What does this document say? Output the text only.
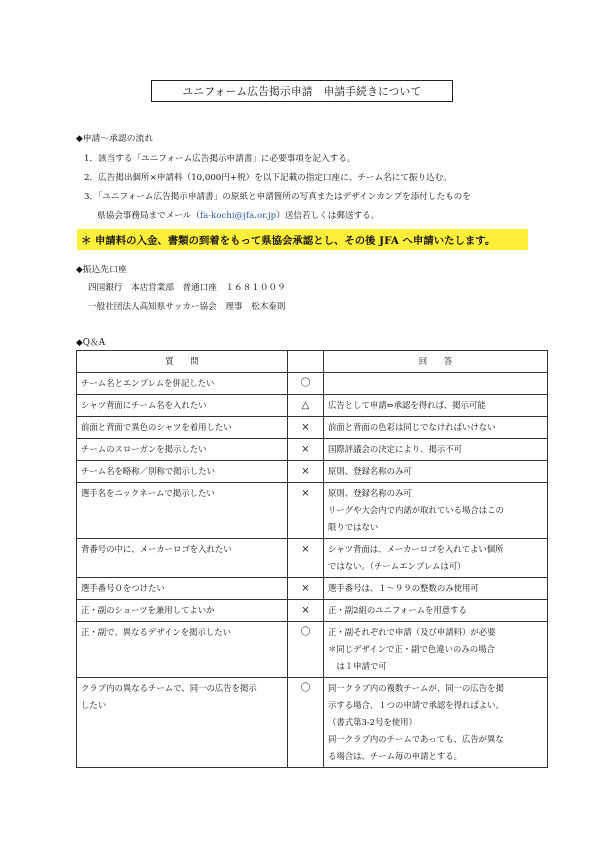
ユニフォーム広告掲示申請　申請手続きについて
◆申請～承認の流れ
1．該当する「ユニフォーム広告掲示申請書」に必要事項を記入する。
2．広告掲出個所×申請料（10,000円+税）を以下記載の指定口座に、チーム名にて振り込む。
3．「ユニフォーム広告掲示申請書」の原紙と申請箇所の写真またはデザインカンプを添付したものを
県協会事務局までメール（fa-kochi@jfa.or.jp）送信若しくは郵送する。
＊ 申請料の入金、書類の到着をもって県協会承認とし、その後 JFA へ申請いたします。
◆振込先口座
四国銀行　本店営業部　普通口座　１６８１００９
一般社団法人高知県サッカー協会　理事　松木泰則
◆Q＆A
質　　問		回　　答

チーム名とエンブレムを併記したい	〇	

シャツ背面にチーム名を入れたい	△	広告として申請⇒承認を得れば、掲示可能

前面と背面で異色のシャツを着用したい	×	前面と背面の色彩は同じでなければいけない

チームのスローガンを掲示したい	×	国際評議会の決定により、掲示不可

チーム名を略称／別称で掲示したい	×	原則、登録名称のみ可

選手名をニックネームで掲示したい	×	原則、登録名称のみ可
リーグや大会内で内諾が取れている場合はこの
限りではない

背番号の中に、メーカーロゴを入れたい	×	シャツ背面は、メーカーロゴを入れてよい個所
ではない。（チームエンブレムは可）

選手番号０をつけたい	×	選手番号は、１～９９の整数のみ使用可

正・副のショーツを兼用してよいか	×	正・副2組のユニフォームを用意する

正・副で、異なるデザインを掲示したい	〇	正・副それぞれで申請（及び申請料）が必要
＊同じデザインで正・副で色違いのみの場合
　は１申請で可

クラブ内の異なるチームで、同一の広告を掲示
したい	〇	同一クラブ内の複数チームが、同一の広告を掲
示する場合、１つの申請で承認を得ればよい。
（書式第3-2号を使用）
同一クラブ内のチームであっても、広告が異な
る場合は、チーム毎の申請とする。
